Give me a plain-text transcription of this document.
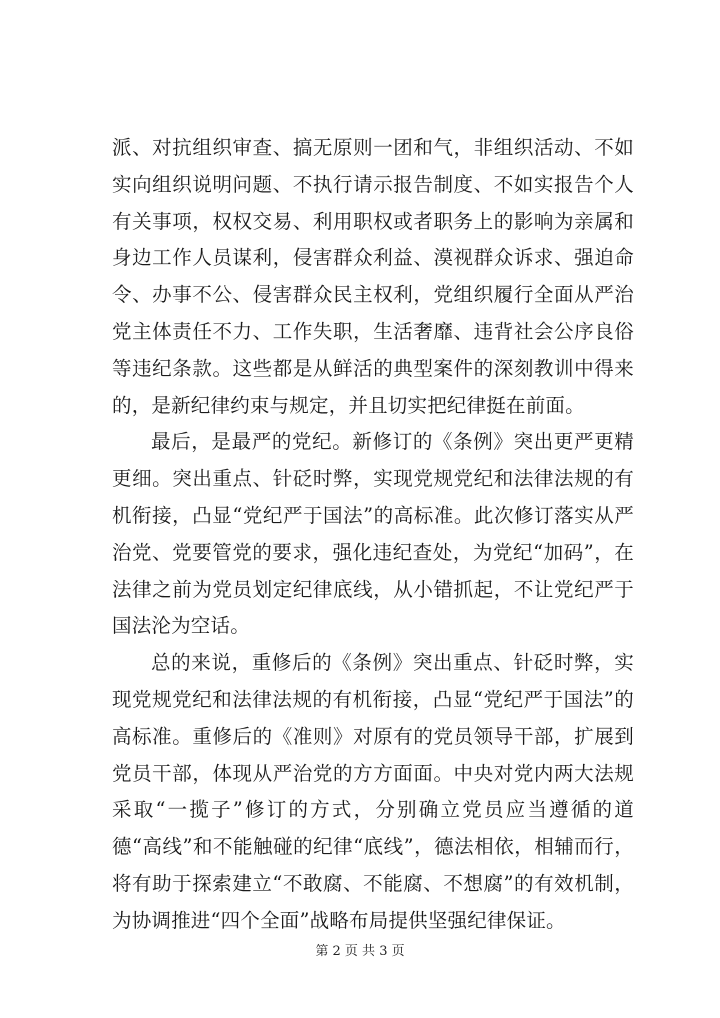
派、对抗组织审查、搞无原则一团和气，非组织活动、不如实向组织说明问题、不执行请示报告制度、不如实报告个人有关事项，权权交易、利用职权或者职务上的影响为亲属和身边工作人员谋利，侵害群众利益、漠视群众诉求、强迫命令、办事不公、侵害群众民主权利，党组织履行全面从严治党主体责任不力、工作失职，生活奢靡、违背社会公序良俗等违纪条款。这些都是从鲜活的典型案件的深刻教训中得来的，是新纪律约束与规定，并且切实把纪律挺在前面。

最后，是最严的党纪。新修订的《条例》突出更严更精更细。突出重点、针砭时弊，实现党规党纪和法律法规的有机衔接，凸显“党纪严于国法”的高标准。此次修订落实从严治党、党要管党的要求，强化违纪查处，为党纪“加码”，在法律之前为党员划定纪律底线，从小错抓起，不让党纪严于国法沦为空话。

总的来说，重修后的《条例》突出重点、针砭时弊，实现党规党纪和法律法规的有机衔接，凸显“党纪严于国法”的高标准。重修后的《准则》对原有的党员领导干部，扩展到党员干部，体现从严治党的方方面面。中央对党内两大法规采取“一揽子”修订的方式，分别确立党员应当遵循的道德“高线”和不能触碰的纪律“底线”，德法相依，相辅而行，将有助于探索建立“不敢腐、不能腐、不想腐”的有效机制，为协调推进“四个全面”战略布局提供坚强纪律保证。

第 2 页 共 3 页
